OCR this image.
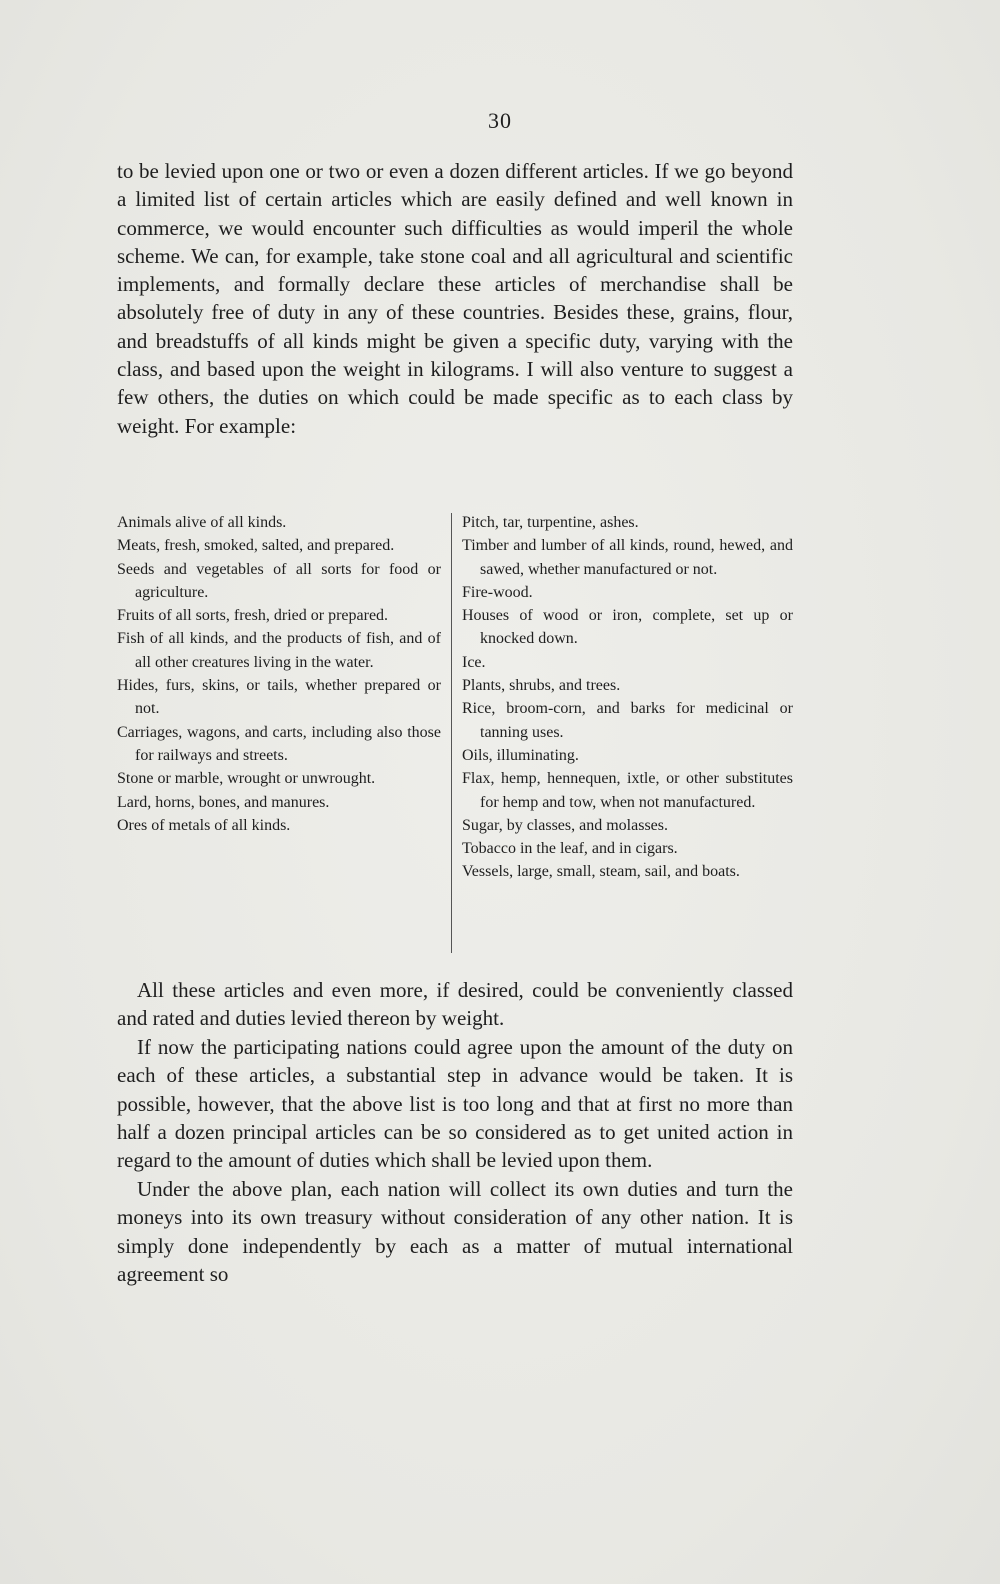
30

to be levied upon one or two or even a dozen different articles. If we go beyond a limited list of certain articles which are easily defined and well known in commerce, we would encounter such difficulties as would imperil the whole scheme. We can, for example, take stone coal and all agricultural and scientific implements, and formally declare these articles of merchandise shall be absolutely free of duty in any of these countries. Besides these, grains, flour, and breadstuffs of all kinds might be given a specific duty, varying with the class, and based upon the weight in kilograms. I will also venture to suggest a few others, the duties on which could be made specific as to each class by weight. For example:

Animals alive of all kinds.
Meats, fresh, smoked, salted, and prepared.
Seeds and vegetables of all sorts for food or agriculture.
Fruits of all sorts, fresh, dried or prepared.
Fish of all kinds, and the products of fish, and of all other creatures living in the water.
Hides, furs, skins, or tails, whether prepared or not.
Carriages, wagons, and carts, including also those for railways and streets.
Stone or marble, wrought or unwrought.
Lard, horns, bones, and manures.
Ores of metals of all kinds.
Pitch, tar, turpentine, ashes.
Timber and lumber of all kinds, round, hewed, and sawed, whether manufactured or not.
Fire-wood.
Houses of wood or iron, complete, set up or knocked down.
Ice.
Plants, shrubs, and trees.
Rice, broom-corn, and barks for medicinal or tanning uses.
Oils, illuminating.
Flax, hemp, hennequen, ixtle, or other substitutes for hemp and tow, when not manufactured.
Sugar, by classes, and molasses.
Tobacco in the leaf, and in cigars.
Vessels, large, small, steam, sail, and boats.

All these articles and even more, if desired, could be conveniently classed and rated and duties levied thereon by weight.

If now the participating nations could agree upon the amount of the duty on each of these articles, a substantial step in advance would be taken. It is possible, however, that the above list is too long and that at first no more than half a dozen principal articles can be so considered as to get united action in regard to the amount of duties which shall be levied upon them.

Under the above plan, each nation will collect its own duties and turn the moneys into its own treasury without consideration of any other nation. It is simply done independently by each as a matter of mutual international agreement so
